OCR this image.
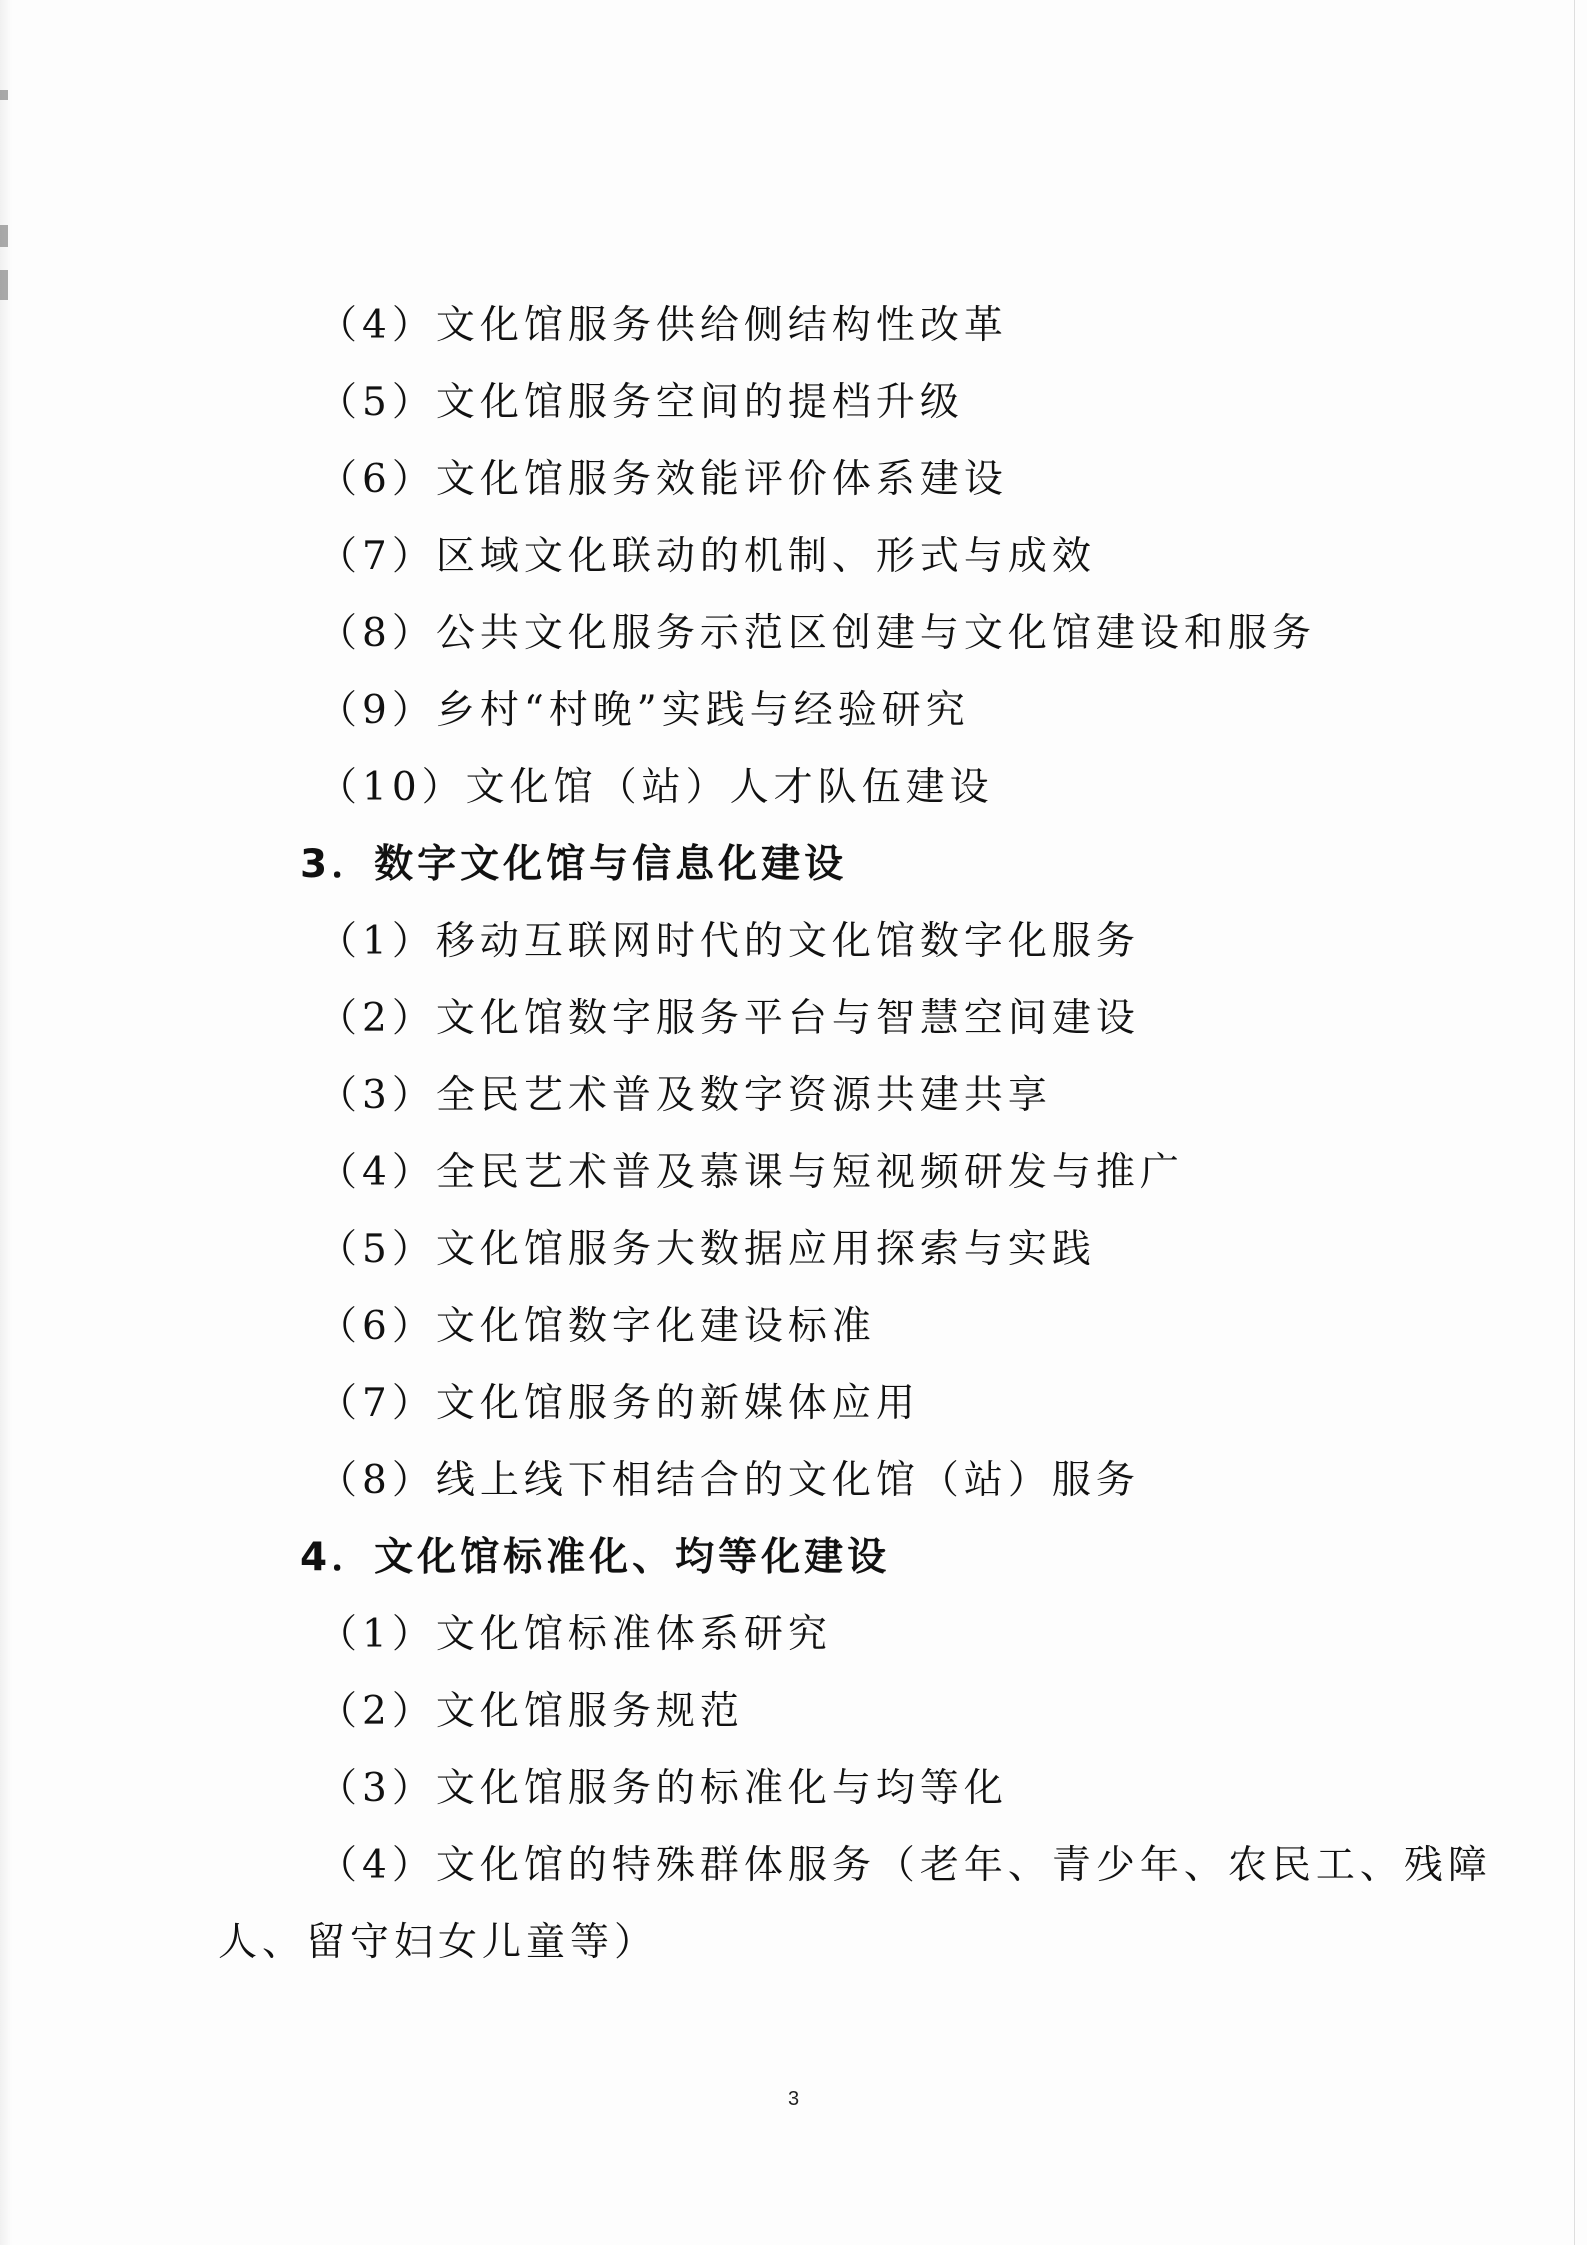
（4）文化馆服务供给侧结构性改革
（5）文化馆服务空间的提档升级
（6）文化馆服务效能评价体系建设
（7）区域文化联动的机制、形式与成效
（8）公共文化服务示范区创建与文化馆建设和服务
（9）乡村“村晚”实践与经验研究
（10）文化馆（站）人才队伍建设
3．数字文化馆与信息化建设
（1）移动互联网时代的文化馆数字化服务
（2）文化馆数字服务平台与智慧空间建设
（3）全民艺术普及数字资源共建共享
（4）全民艺术普及慕课与短视频研发与推广
（5）文化馆服务大数据应用探索与实践
（6）文化馆数字化建设标准
（7）文化馆服务的新媒体应用
（8）线上线下相结合的文化馆（站）服务
4．文化馆标准化、均等化建设
（1）文化馆标准体系研究
（2）文化馆服务规范
（3）文化馆服务的标准化与均等化
（4）文化馆的特殊群体服务（老年、青少年、农民工、残障
人、留守妇女儿童等）
3
